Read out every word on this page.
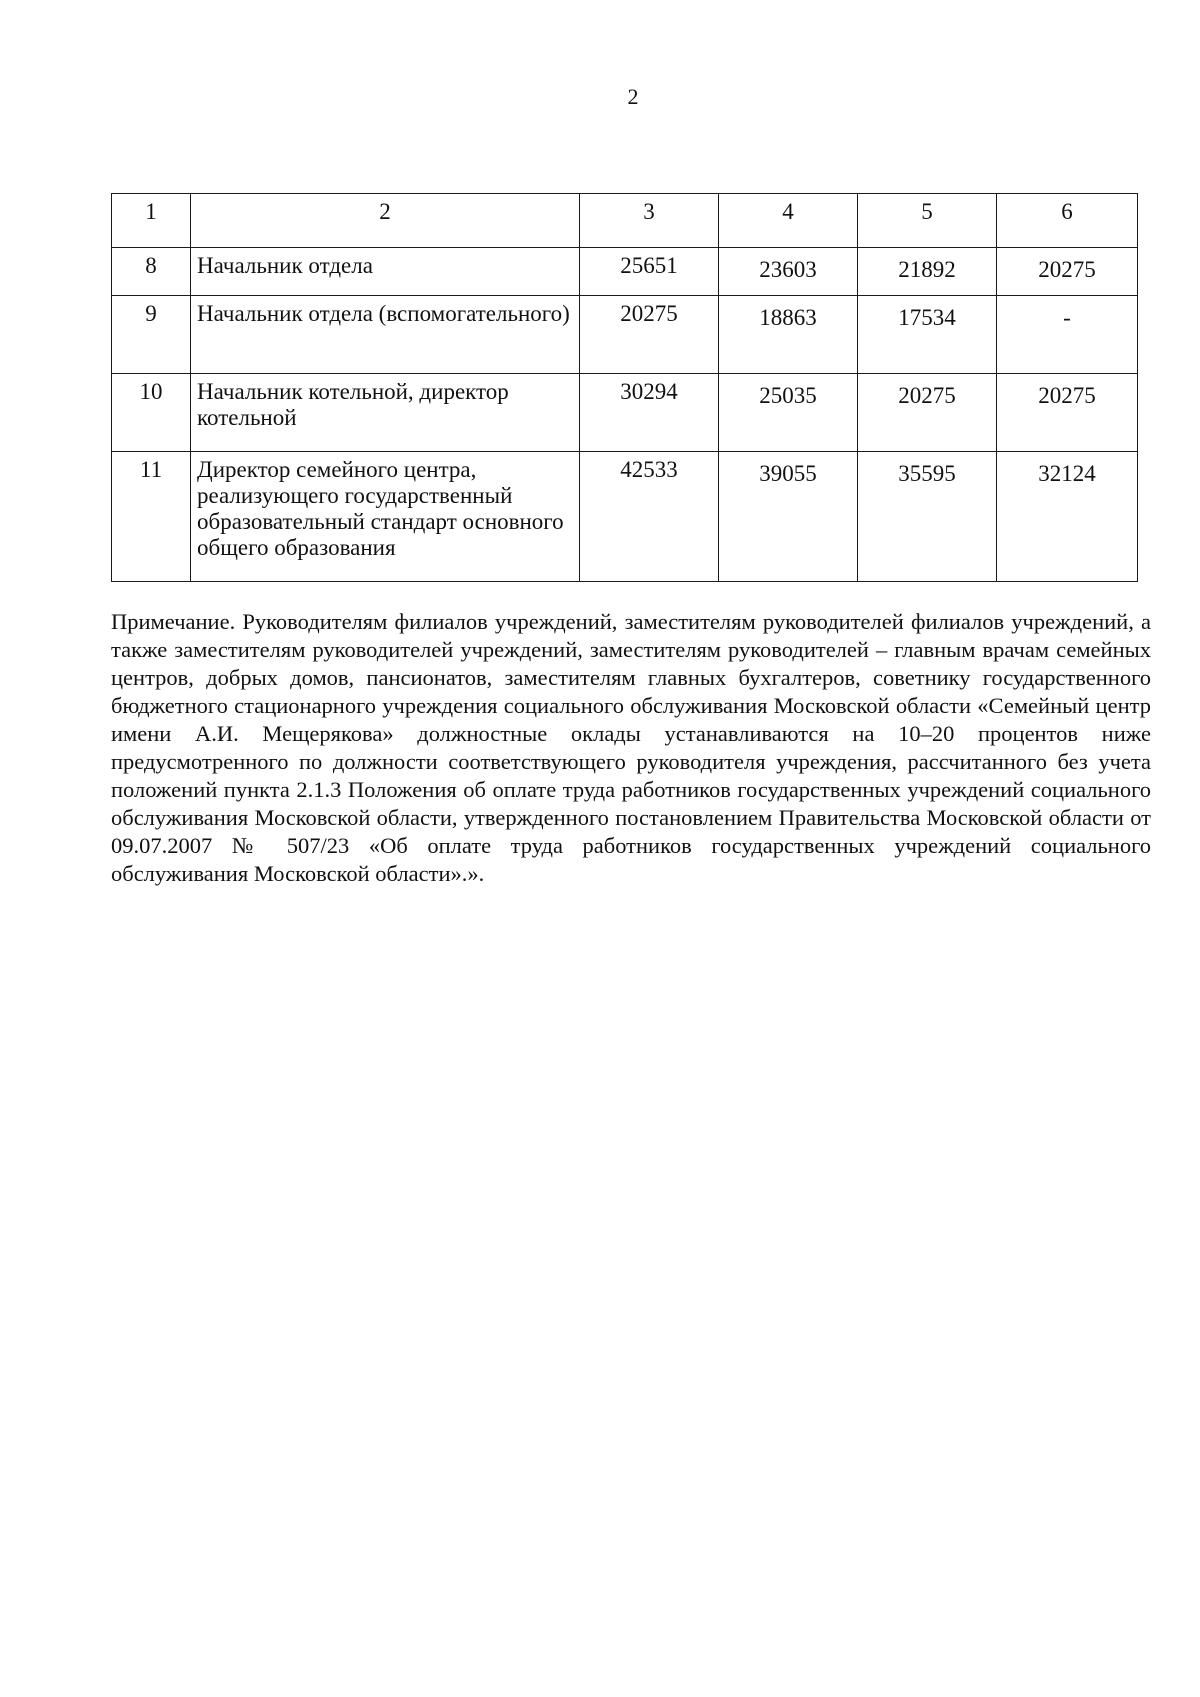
2
1	2	3	4	5	6
8	Начальник отдела	25651	23603	21892	20275
9	Начальник отдела (вспомогательного)	20275	18863	17534	-
10	Начальник котельной, директор котельной	30294	25035	20275	20275
11	Директор семейного центра, реализующего государственный образовательный стандарт основного общего образования	42533	39055	35595	32124

Примечание. Руководителям филиалов учреждений, заместителям руководителей филиалов учреждений, а также заместителям руководителей учреждений, заместителям руководителей – главным врачам семейных центров, добрых домов, пансионатов, заместителям главных бухгалтеров, советнику государственного бюджетного стационарного учреждения социального обслуживания Московской области «Семейный центр имени А.И. Мещерякова» должностные оклады устанавливаются на 10–20 процентов ниже предусмотренного по должности соответствующего руководителя учреждения, рассчитанного без учета положений пункта 2.1.3 Положения об оплате труда работников государственных учреждений социального обслуживания Московской области, утвержденного постановлением Правительства Московской области от 09.07.2007 № 507/23 «Об оплате труда работников государственных учреждений социального обслуживания Московской области».».
